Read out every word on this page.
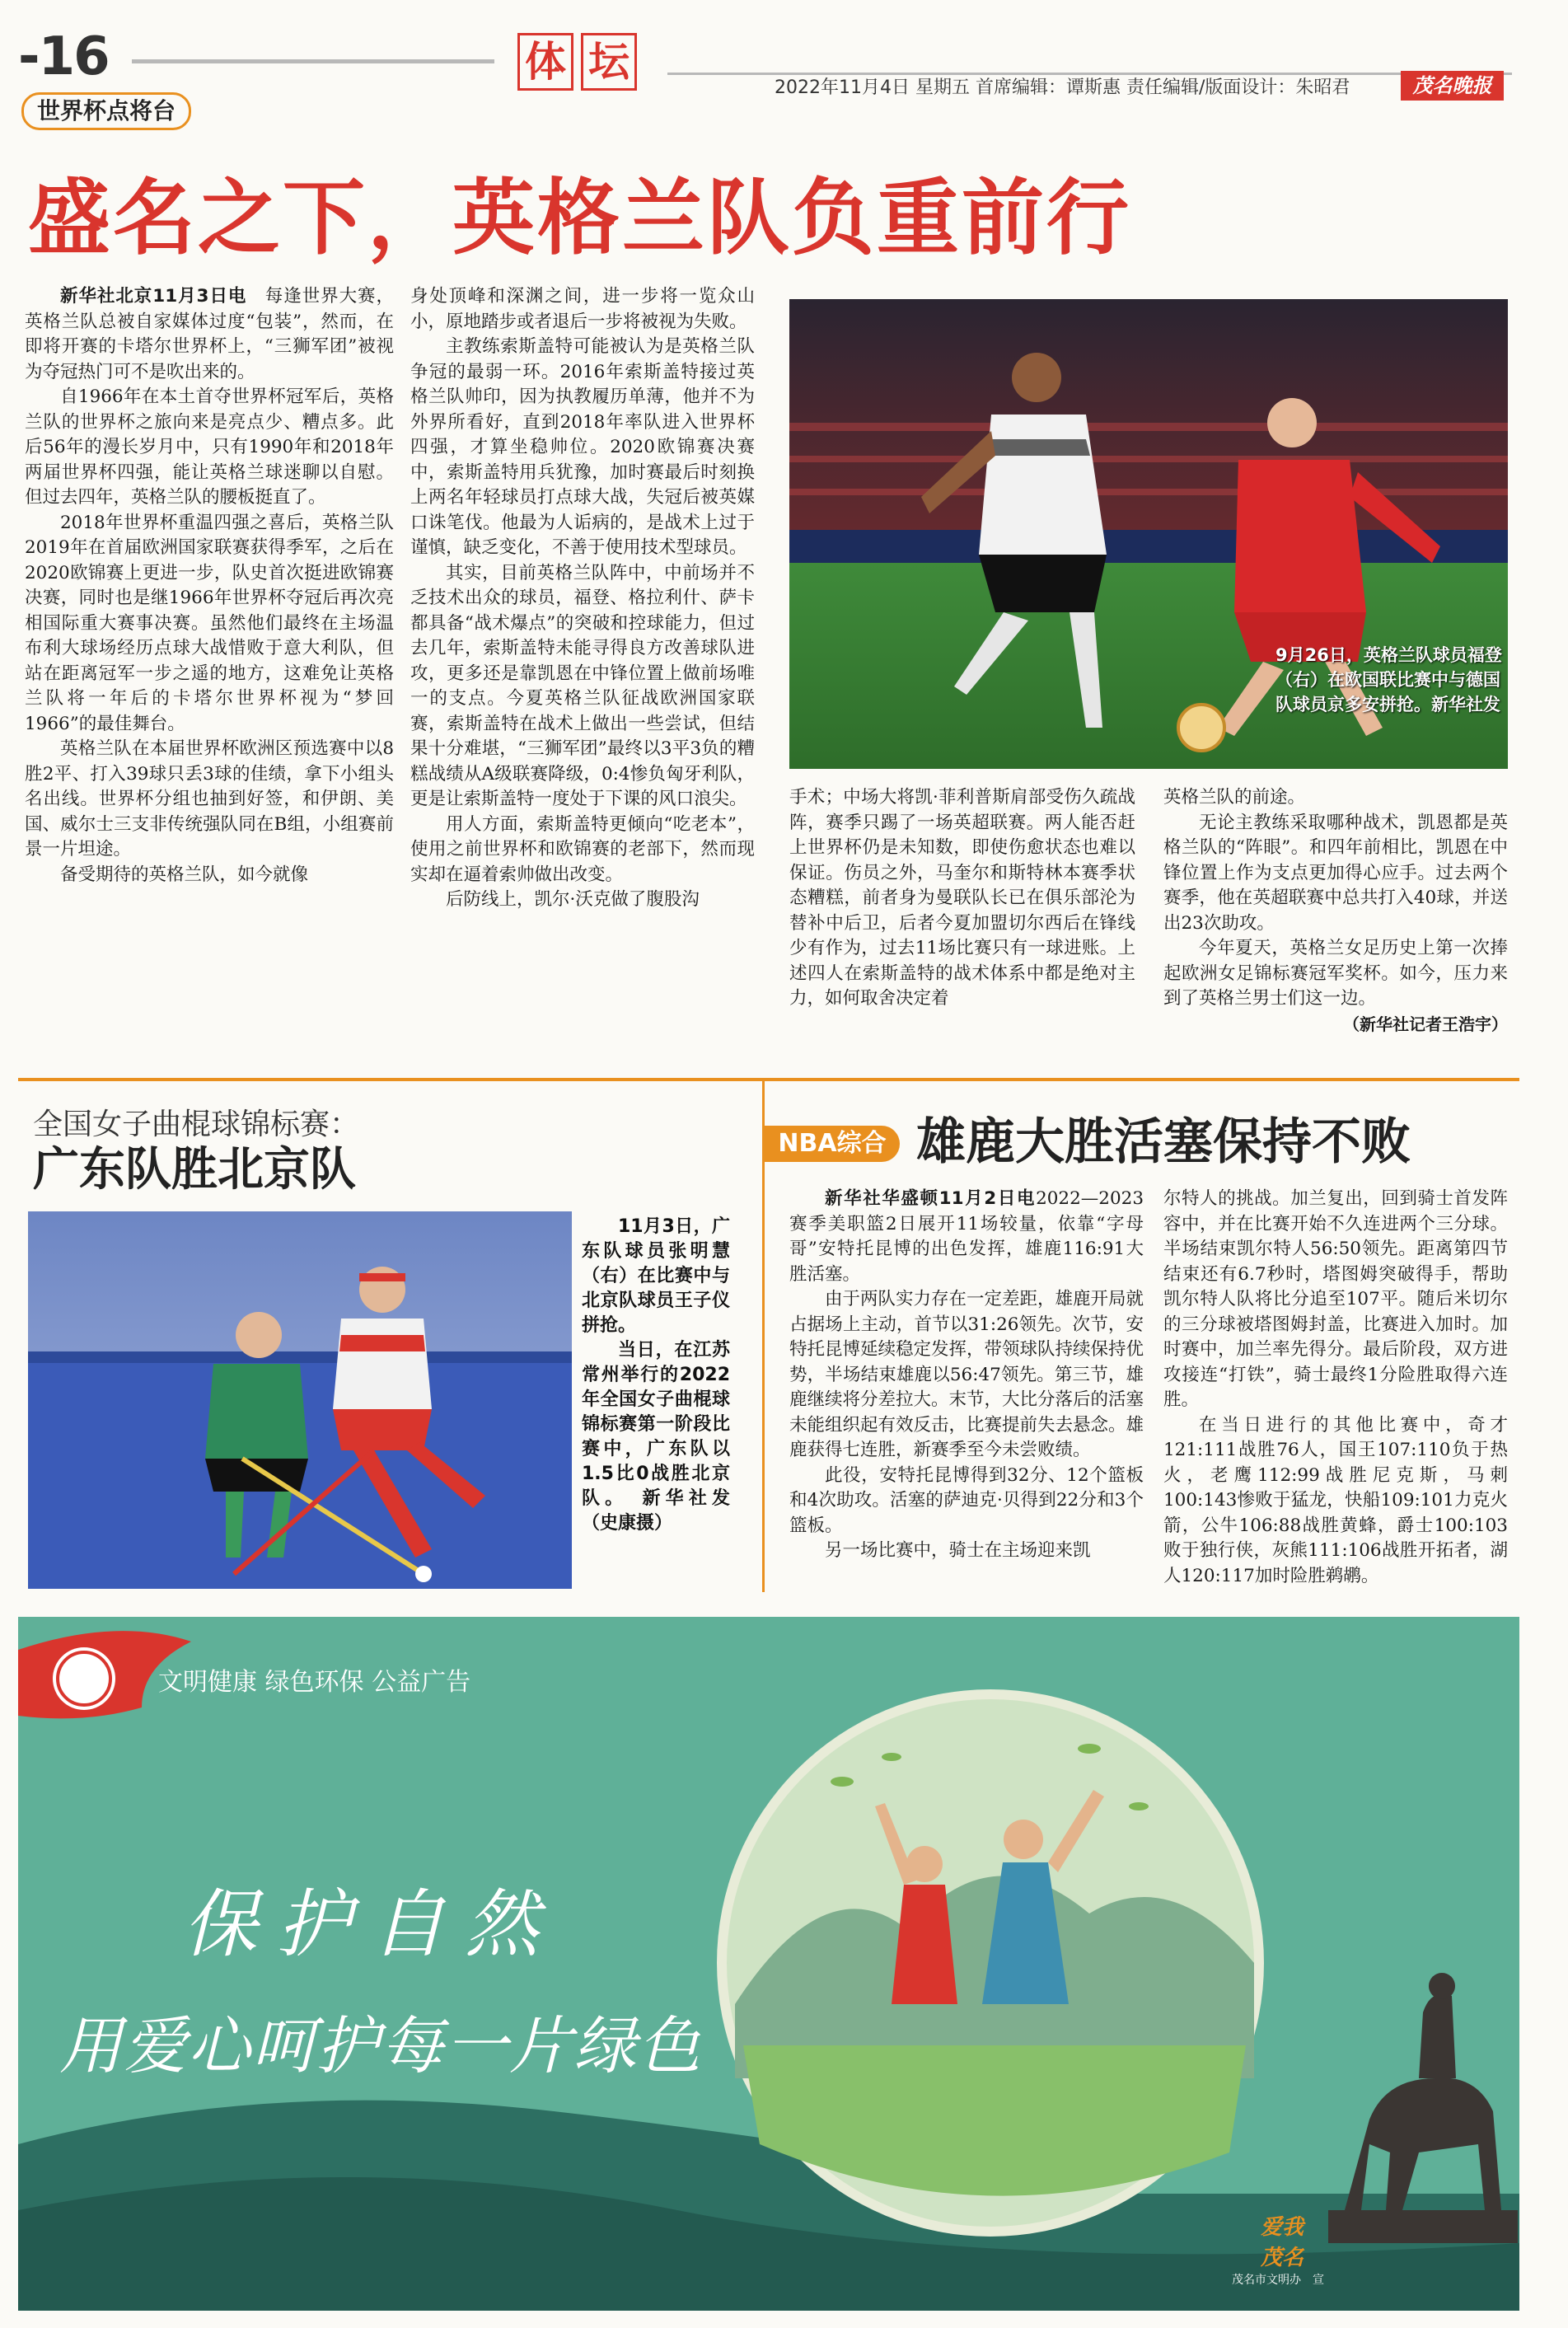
-16	体 坛
2022年11月4日 星期五 首席编辑：谭斯惠 责任编辑/版面设计：朱昭君	茂名晚报
世界杯点将台
盛名之下，英格兰队负重前行

新华社北京11月3日电　每逢世界大赛，英格兰队总被自家媒体过度“包装”，然而，在即将开赛的卡塔尔世界杯上，“三狮军团”被视为夺冠热门可不是吹出来的。

自1966年在本土首夺世界杯冠军后，英格兰队的世界杯之旅向来是亮点少、糟点多。此后56年的漫长岁月中，只有1990年和2018年两届世界杯四强，能让英格兰球迷聊以自慰。但过去四年，英格兰队的腰板挺直了。

2018年世界杯重温四强之喜后，英格兰队2019年在首届欧洲国家联赛获得季军，之后在2020欧锦赛上更进一步，队史首次挺进欧锦赛决赛，同时也是继1966年世界杯夺冠后再次亮相国际重大赛事决赛。虽然他们最终在主场温布利大球场经历点球大战惜败于意大利队，但站在距离冠军一步之遥的地方，这难免让英格兰队将一年后的卡塔尔世界杯视为“梦回1966”的最佳舞台。

英格兰队在本届世界杯欧洲区预选赛中以8胜2平、打入39球只丢3球的佳绩，拿下小组头名出线。世界杯分组也抽到好签，和伊朗、美国、威尔士三支非传统强队同在B组，小组赛前景一片坦途。

备受期待的英格兰队，如今就像

身处顶峰和深渊之间，进一步将一览众山小，原地踏步或者退后一步将被视为失败。

主教练索斯盖特可能被认为是英格兰队争冠的最弱一环。2016年索斯盖特接过英格兰队帅印，因为执教履历单薄，他并不为外界所看好，直到2018年率队进入世界杯四强，才算坐稳帅位。2020欧锦赛决赛中，索斯盖特用兵犹豫，加时赛最后时刻换上两名年轻球员打点球大战，失冠后被英媒口诛笔伐。他最为人诟病的，是战术上过于谨慎，缺乏变化，不善于使用技术型球员。

其实，目前英格兰队阵中，中前场并不乏技术出众的球员，福登、格拉利什、萨卡都具备“战术爆点”的突破和控球能力，但过去几年，索斯盖特未能寻得良方改善球队进攻，更多还是靠凯恩在中锋位置上做前场唯一的支点。今夏英格兰队征战欧洲国家联赛，索斯盖特在战术上做出一些尝试，但结果十分难堪，“三狮军团”最终以3平3负的糟糕战绩从A级联赛降级，0:4惨负匈牙利队，更是让索斯盖特一度处于下课的风口浪尖。

用人方面，索斯盖特更倾向“吃老本”，使用之前世界杯和欧锦赛的老部下，然而现实却在逼着索帅做出改变。

后防线上，凯尔·沃克做了腹股沟

9月26日，英格兰队球员福登（右）在欧国联比赛中与德国队球员京多安拼抢。新华社发

手术；中场大将凯·菲利普斯肩部受伤久疏战阵，赛季只踢了一场英超联赛。两人能否赶上世界杯仍是未知数，即使伤愈状态也难以保证。伤员之外，马奎尔和斯特林本赛季状态糟糕，前者身为曼联队长已在俱乐部沦为替补中后卫，后者今夏加盟切尔西后在锋线少有作为，过去11场比赛只有一球进账。上述四人在索斯盖特的战术体系中都是绝对主力，如何取舍决定着

英格兰队的前途。

无论主教练采取哪种战术，凯恩都是英格兰队的“阵眼”。和四年前相比，凯恩在中锋位置上作为支点更加得心应手。过去两个赛季，他在英超联赛中总共打入40球，并送出23次助攻。

今年夏天，英格兰女足历史上第一次捧起欧洲女足锦标赛冠军奖杯。如今，压力来到了英格兰男士们这一边。

（新华社记者王浩宇）

全国女子曲棍球锦标赛：
广东队胜北京队
11月3日，广东队球员张明慧（右）在比赛中与北京队球员王子仪拼抢。
当日，在江苏常州举行的2022年全国女子曲棍球锦标赛第一阶段比赛中，广东队以1.5比0战胜北京队。　新华社发（史康摄）
NBA综合 雄鹿大胜活塞保持不败

新华社华盛顿11月2日电2022—2023赛季美职篮2日展开11场较量，依靠“字母哥”安特托昆博的出色发挥，雄鹿116:91大胜活塞。

由于两队实力存在一定差距，雄鹿开局就占据场上主动，首节以31:26领先。次节，安特托昆博延续稳定发挥，带领球队持续保持优势，半场结束雄鹿以56:47领先。第三节，雄鹿继续将分差拉大。末节，大比分落后的活塞未能组织起有效反击，比赛提前失去悬念。雄鹿获得七连胜，新赛季至今未尝败绩。

此役，安特托昆博得到32分、12个篮板和4次助攻。活塞的萨迪克·贝得到22分和3个篮板。

另一场比赛中，骑士在主场迎来凯

尔特人的挑战。加兰复出，回到骑士首发阵容中，并在比赛开始不久连进两个三分球。半场结束凯尔特人56:50领先。距离第四节结束还有6.7秒时，塔图姆突破得手，帮助凯尔特人队将比分追至107平。随后米切尔的三分球被塔图姆封盖，比赛进入加时。加时赛中，加兰率先得分。最后阶段，双方进攻接连“打铁”，骑士最终1分险胜取得六连胜。

在当日进行的其他比赛中，奇才121:111战胜76人，国王107:110负于热火，老鹰112:99战胜尼克斯，马刺100:143惨败于猛龙，快船109:101力克火箭，公牛106:88战胜黄蜂，爵士100:103败于独行侠，灰熊111:106战胜开拓者，湖人120:117加时险胜鹈鹕。

文明健康 绿色环保 公益广告
保护自然
用爱心呵护每一片绿色
爱我
茂名
茂名市文明办　宣
